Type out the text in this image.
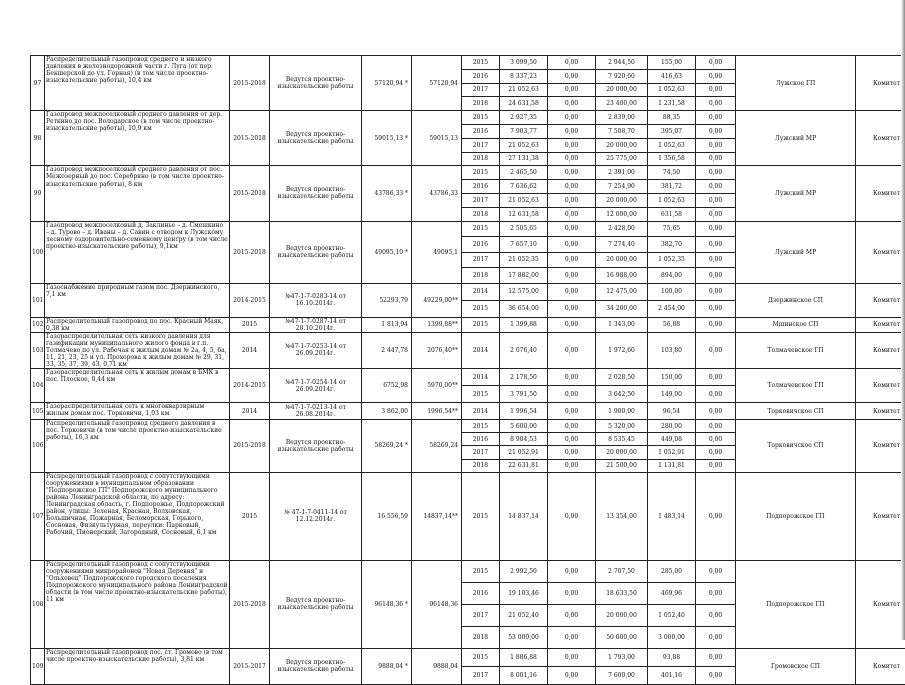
97	Распределительный газопровод среднего и низкого давления в железнодорожной части г. Луга (от пер. Бекшерской до ул. Горная) (в том числе проектно-изыскательские работы), 10,4 км	2015-2018	Ведутся проектно-изыскательские работы	57120,94 *	57120,94	2015	3 099,50	0,00	2 944,50	155,00	0,00	Лужское ГП	Комитет
						2016	8 337,23	0,00	7 920,60	416,63	0,00		
						2017	21 052,63	0,00	20 000,00	1 052,63	0,00		
						2018	24 631,58	0,00	23 400,00	1 231,58	0,00		
98	Газопровод межпоселковый среднего давления от дер. Реткино до пос. Володарское (в том числе проектно-изыскательские работы), 10,9 км	2015-2018	Ведутся проектно-изыскательские работы	59015,13 *	59015,13	2015	2 927,35	0,00	2 839,00	88,35	0,00	Лужский МР	Комитет
						2016	7 903,77	0,00	7 508,70	395,07	0,00		
						2017	21 052,63	0,00	20 000,00	1 052,63	0,00		
						2018	27 131,38	0,00	25 775,00	1 356,58	0,00		
99	Газопровод межпоселковый среднего давления от пос. Межозерный до пос. Серебряно (в том числе проектно-изыскательские работы), 8 км	2015-2018	Ведутся проектно-изыскательские работы	43786,33 *	43786,33	2015	2 465,50	0,00	2 391,00	74,50	0,00	Лужский МР	Комитет
						2016	7 636,62	0,00	7 254,90	381,72	0,00		
						2017	21 052,63	0,00	20 000,00	1 052,63	0,00		
						2018	12 631,58	0,00	12 000,00	631,58	0,00		
100	Газопровод межпоселковый д. Заклинье – д. Смешкино – д. Турово – д. Иваны – д. Савин с отводом к Лужскому лесному оздоровительно-семенному центру (в том числе проектно-изыскательские работы), 9,1км	2015-2018	Ведутся проектно-изыскательские работы	49095,10 *	49095,1	2015	2 505,65	0,00	2 428,00	75,65	0,00	Лужский МР	Комитет
						2016	7 657,10	0,00	7 274,40	382,70	0,00		
						2017	21 052,35	0,00	20 000,00	1 052,35	0,00		
						2018	17 882,00	0,00	16 988,00	894,00	0,00		
101	Газоснабжение природным газом пос. Дзержинского, 7,1 км	2014-2015	№47-1-7-0283-14 от 16.10.2014г.	52293,79	49229,00**	2014	12 575,00	0,00	12 475,00	100,00	0,00	Дзержинское СП	Комитет
						2015	36 654,00	0,00	34 200,00	2 454,00	0,00		
102	Распределительный газопровод по пос. Красный Маяк, 0,38 км	2015	№47-1-7-0287-14 от 28.10.2014г.	1 813,94	1399,88**	2015	1 399,88	0,00	1 343,00	56,88	0,00	Мшинское СП	Комитет
103	Газораспределительная сеть низкого давления для газификации муниципального жилого фонда в г.п. Толмачево по ул. Рабочая к жилым домам № 2а, 4, 5, 6а, 11, 21, 23, 25 и ул. Прохорова к жилым домам № 29, 31, 33, 35, 37, 39, 43, 0,71 км	2014	№47-1-7-0253-14 от 26.09.2014г.	2 447,78	2076,40**	2014	2 076,40	0,00	1 972,60	103,80	0,00	Толмачевское ГП	Комитет
104	Газораспределительная сеть к жилым домам в БМК в пос. Плоское, 0,44 км	2014-2015	№47-1-7-0254-14 от 26.09.2014г.	6752,98	5970,00**	2014	2 178,50	0,00	2 028,50	150,00	0,00	Толмачевское ГП	Комитет
						2015	3 791,50	0,00	3 642,50	149,00	0,00		
105	Газораспределительная сеть к многоквартирным жилым домам пос. Торковичи, 1,03 км	2014	№47-1-7-0213-14 от 26.08.2014г.	3 862,00	1996,54**	2014	1 996,54	0,00	1 900,00	96,54	0,00	Торковичское СП	Комитет
106	Распределительный газопровод среднего давления в пос. Торковичи (в том числе проектно-изыскательские работы), 16,3 км	2015-2018	Ведутся проектно-изыскательские работы	58269,24 *	58269,24	2015	5 600,00	0,00	5 320,00	280,00	0,00	Торковичское СП	Комитет
						2016	8 984,53	0,00	8 535,45	449,08	0,00		
						2017	21 052,91	0,00	20 000,00	1 052,91	0,00		
						2018	22 631,81	0,00	21 500,00	1 131,81	0,00		
107	Распределительный газопровод с сопутствующими сооружениями в муниципальном образовании "Подпорожское ГП" Подпорожского муниципального района Ленинградской области, по адресу: Ленинградская область, г. Подпорожье, Подпорожский район, улицы: Зеленая, Красная, Волховская, Большичная, Пожарная, Беломорская, Горького, Сосновая, Физкультурная, переулки: Парковый, Рабочий, Пионерский, Загородный, Сосновый, 6,1 км	2015	№ 47-1-7-0411-14 от 12.12.2014г.	16 556,59	14837,14**	2015	14 837,14	0,00	13 354,00	1 483,14	0,00	Подпорожское ГП	Комитет
108	Распределительный газопровод с сопутствующими сооружениями микрорайонов "Новая Деревня" и "Ольховец" Подпорожского городского поселения Подпорожского муниципального района Ленинградской области (в том числе проектно-изыскательские работы), 11 км	2015-2018	Ведутся проектно-изыскательские работы	96148,36 *	96148,36	2015	2 992,50	0,00	2 707,50	285,00	0,00	Подпорожское ГП	Комитет
						2016	19 103,46	0,00	18 633,50	469,96	0,00		
						2017	21 052,40	0,00	20 000,00	1 052,40	0,00		
						2018	53 000,00	0,00	50 000,00	3 000,00	0,00		
109	Распределительный газопровод пос. ст. Громово (в том числе проектно-изыскательские работы), 3,81 км	2015-2017	Ведутся проектно-изыскательские работы	9888,04 *	9888,04	2015	1 886,88	0,00	1 793,00	93,88	0,00	Громовское СП	Комитет
						2017	8 001,16	0,00	7 600,00	401,16	0,00		
